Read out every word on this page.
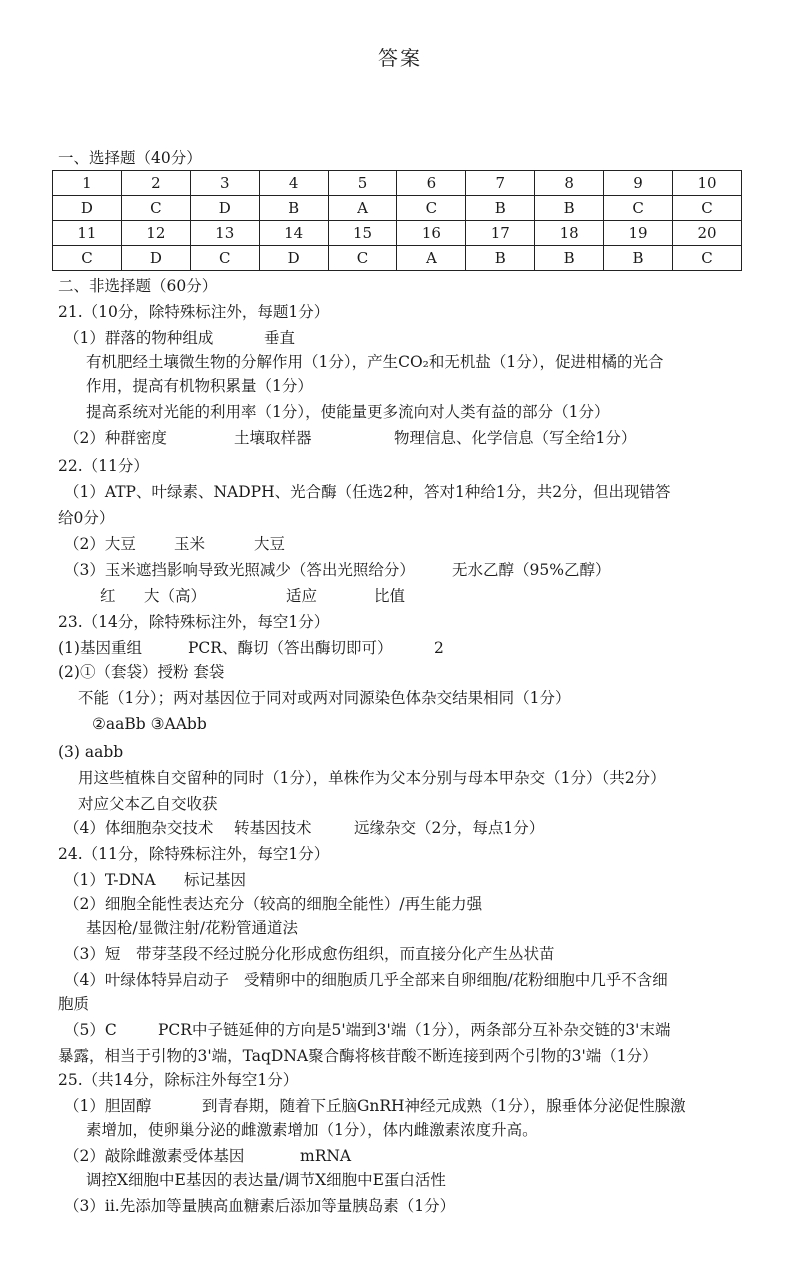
答案
一、选择题（40分）
1	2	3	4	5	6	7	8	9	10
D	C	D	B	A	C	B	B	C	C
11	12	13	14	15	16	17	18	19	20
C	D	C	D	C	A	B	B	B	C
二、非选择题（60分）
21.（10分，除特殊标注外，每题1分）
（1）群落的物种组成	垂直
有机肥经土壤微生物的分解作用（1分），产生CO₂和无机盐（1分），促进柑橘的光合
作用，提高有机物积累量（1分）
提高系统对光能的利用率（1分），使能量更多流向对人类有益的部分（1分）
（2）种群密度	土壤取样器	物理信息、化学信息（写全给1分）
22.（11分）
（1）ATP、叶绿素、NADPH、光合酶（任选2种，答对1种给1分，共2分，但出现错答
给0分）
（2）大豆 玉米	大豆
（3）玉米遮挡影响导致光照减少（答出光照给分） 无水乙醇（95%乙醇）
红 大（高）	适应	比值
23.（14分，除特殊标注外，每空1分）
(1)基因重组	PCR、酶切（答出酶切即可）	2
(2)①（套袋）授粉 套袋
不能（1分）；两对基因位于同对或两对同源染色体杂交结果相同（1分）
②aaBb ③AAbb
(3) aabb
用这些植株自交留种的同时（1分），单株作为父本分别与母本甲杂交（1分）（共2分）
对应父本乙自交收获
（4）体细胞杂交技术 转基因技术	远缘杂交（2分，每点1分）
24.（11分，除特殊标注外，每空1分）
（1）T-DNA 标记基因
（2）细胞全能性表达充分（较高的细胞全能性）/再生能力强
基因枪/显微注射/花粉管通道法
（3）短 带芽茎段不经过脱分化形成愈伤组织，而直接分化产生丛状苗
（4）叶绿体特异启动子 受精卵中的细胞质几乎全部来自卵细胞/花粉细胞中几乎不含细
胞质
（5）C	PCR中子链延伸的方向是5'端到3'端（1分），两条部分互补杂交链的3'末端
暴露，相当于引物的3'端，TaqDNA聚合酶将核苷酸不断连接到两个引物的3'端（1分）
25.（共14分，除标注外每空1分）
（1）胆固醇	到青春期，随着下丘脑GnRH神经元成熟（1分），腺垂体分泌促性腺激
素增加，使卵巢分泌的雌激素增加（1分），体内雌激素浓度升高。
（2）敲除雌激素受体基因	mRNA
调控X细胞中E基因的表达量/调节X细胞中E蛋白活性
（3）ii.先添加等量胰高血糖素后添加等量胰岛素（1分）
